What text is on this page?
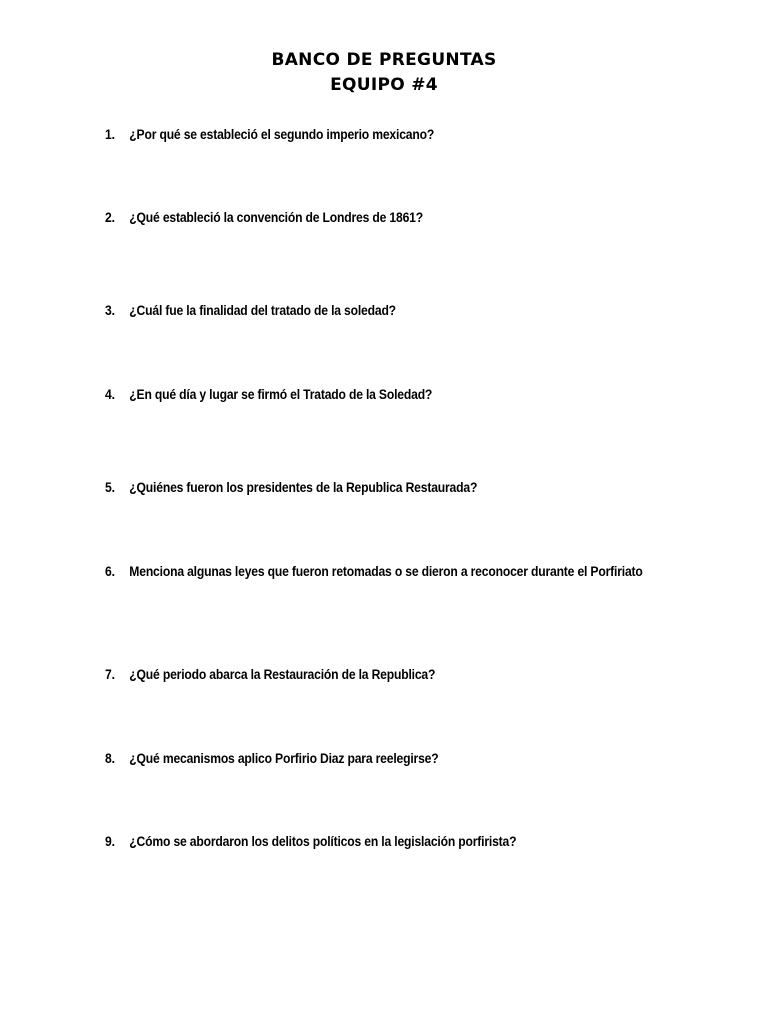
BANCO DE PREGUNTAS
EQUIPO #4
1. ¿Por qué se estableció el segundo imperio mexicano?
2. ¿Qué estableció la convención de Londres de 1861?
3. ¿Cuál fue la finalidad del tratado de la soledad?
4. ¿En qué día y lugar se firmó el Tratado de la Soledad?
5. ¿Quiénes fueron los presidentes de la Republica Restaurada?
6. Menciona algunas leyes que fueron retomadas o se dieron a reconocer durante el Porfiriato
7. ¿Qué periodo abarca la Restauración de la Republica?
8. ¿Qué mecanismos aplico Porfirio Diaz para reelegirse?
9. ¿Cómo se abordaron los delitos políticos en la legislación porfirista?
